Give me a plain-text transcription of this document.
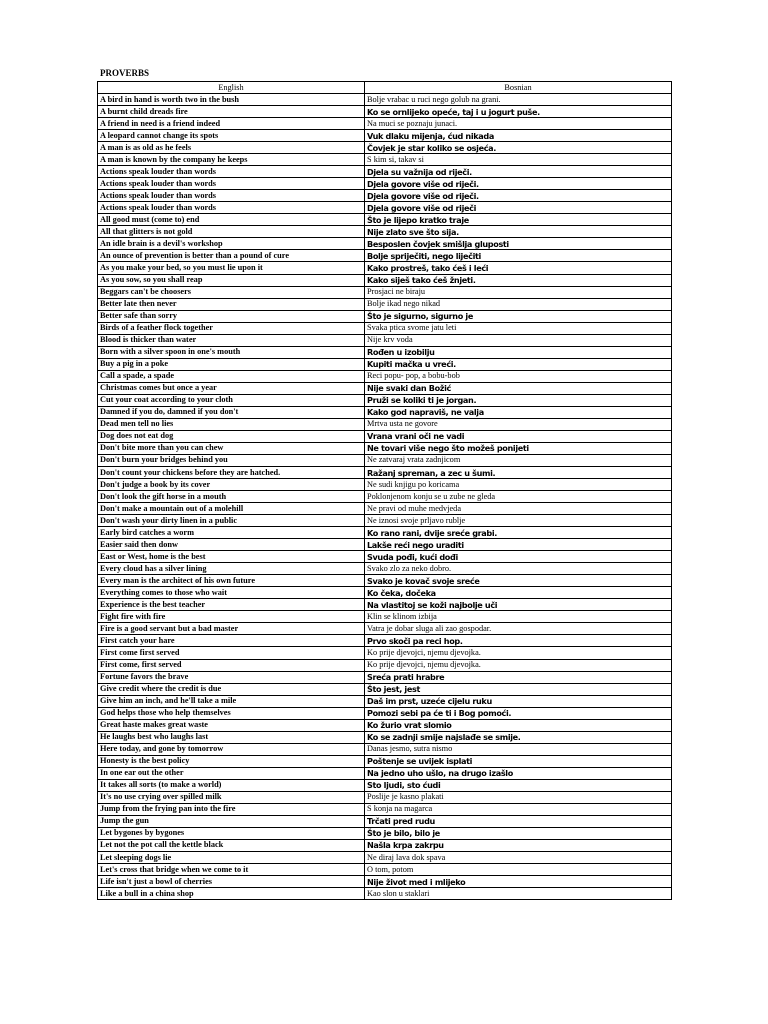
PROVERBS
English	Bosnian
A bird in hand is worth two in the bush	Bolje vrabac u ruci nego golub na grani.
A burnt child dreads fire	Ko se ornlijeko opeće, taj i u jogurt puše.
A friend in need is a friend indeed	Na muci se poznaju junaci.
A leopard cannot change its spots	Vuk dlaku mijenja, ćud nikada
A man is as old as he feels	Čovjek je star koliko se osjeća.
A man is known by the company he keeps	S kim si, takav si
Actions speak louder than words	Djela su važnija od riječi.
Actions speak louder than words	Djela govore više od riječi.
Actions speak louder than words	Djela govore više od riječi.
Actions speak louder than words	Djela govore više od riječi
All good must (come to) end	Što je lijepo kratko traje
All that glitters is not gold	Nije zlato sve što sija.
An idle brain is a devil's workshop	Besposlen čovjek smišlja gluposti
An ounce of prevention is better than a pound of cure	Bolje spriječiti, nego liječiti
As you make your bed, so you must lie upon it	Kako prostreš, tako ćeš i leći
As you sow, so you shall reap	Kako siješ tako ćeš žnjeti.
Beggars can't be choosers	Prosjaci ne biraju
Better late then never	Bolje ikad nego nikad
Better safe than sorry	Što je sigurno, sigurno je
Birds of a feather flock together	Svaka ptica svome jatu leti
Blood is thicker than water	Nije krv voda
Born with a silver spoon in one's mouth	Rođen u izobilju
Buy a pig in a poke	Kupiti mačka u vreći.
Call a spade, a spade	Reci popu- pop, a bobu-bob
Christmas comes but once a year	Nije svaki dan Božić
Cut your coat according to your cloth	Pruži se koliki ti je jorgan.
Damned if you do, damned if you don't	Kako god napraviš, ne valja
Dead men tell no lies	Mrtva usta ne govore
Dog does not eat dog	Vrana vrani oči ne vadi
Don't bite more than you can chew	Ne tovari više nego što možeš ponijeti
Don't burn your bridges behind you	Ne zatvaraj vrata zadnjicom
Don't count your chickens before they are hatched.	Ražanj spreman, a zec u šumi.
Don't judge a book by its cover	Ne sudi knjigu po koricama
Don't look the gift horse in a mouth	Poklonjenom konju se u zube ne gleda
Don't make a mountain out of a molehill	Ne pravi od muhe medvjeda
Don't wash your dirty linen in a public	Ne iznosi svoje prljavo rublje
Early bird catches a worm	Ko rano rani, dvije sreće grabi.
Easier said then donw	Lakše reći nego uraditi
East or West, home is the best	Svuda pođi, kući dođi
Every cloud has a silver lining	Svako zlo za neko dobro.
Every man is the architect of his own future	Svako je kovač svoje sreće
Everything comes to those who wait	Ko čeka, dočeka
Experience is the best teacher	Na vlastitoj se koži najbolje uči
Fight fire with fire	Klin se klinom izbija
Fire is a good servant but a bad master	Vatra je dobar sluga ali zao gospodar.
First catch your hare	Prvo skoči pa reci hop.
First come first served	Ko prije djevojci, njemu djevojka.
First come, first served	Ko prije djevojci, njemu djevojka.
Fortune favors the brave	Sreća prati hrabre
Give credit where the credit is due	Što jest, jest
Give him an inch, and he'll take a mile	Daš im prst, uzeće cijelu ruku
God helps those who help themselves	Pomozi sebi pa će ti i Bog pomoći.
Great haste makes great waste	Ko žurio vrat slomio
He laughs best who laughs last	Ko se zadnji smije najslađe se smije.
Here today, and gone by tomorrow	Danas jesmo, sutra nismo
Honesty is the best policy	Poštenje se uvijek isplati
In one ear out the other	Na jedno uho ušlo, na drugo izašlo
It takes all sorts (to make a world)	Sto ljudi, sto ćudi
It's no use crying over spilled milk	Poslije je kasno plakati
Jump from the frying pan into the fire	S konja na magarca
Jump the gun	Trčati pred rudu
Let bygones by bygones	Što je bilo, bilo je
Let not the pot call the kettle black	Našla krpa zakrpu
Let sleeping dogs lie	Ne diraj lava dok spava
Let's cross that bridge when we come to it	O tom, potom
Life isn't just a bowl of cherries	Nije život med i mlijeko
Like a bull in a china shop	Kao slon u staklari
